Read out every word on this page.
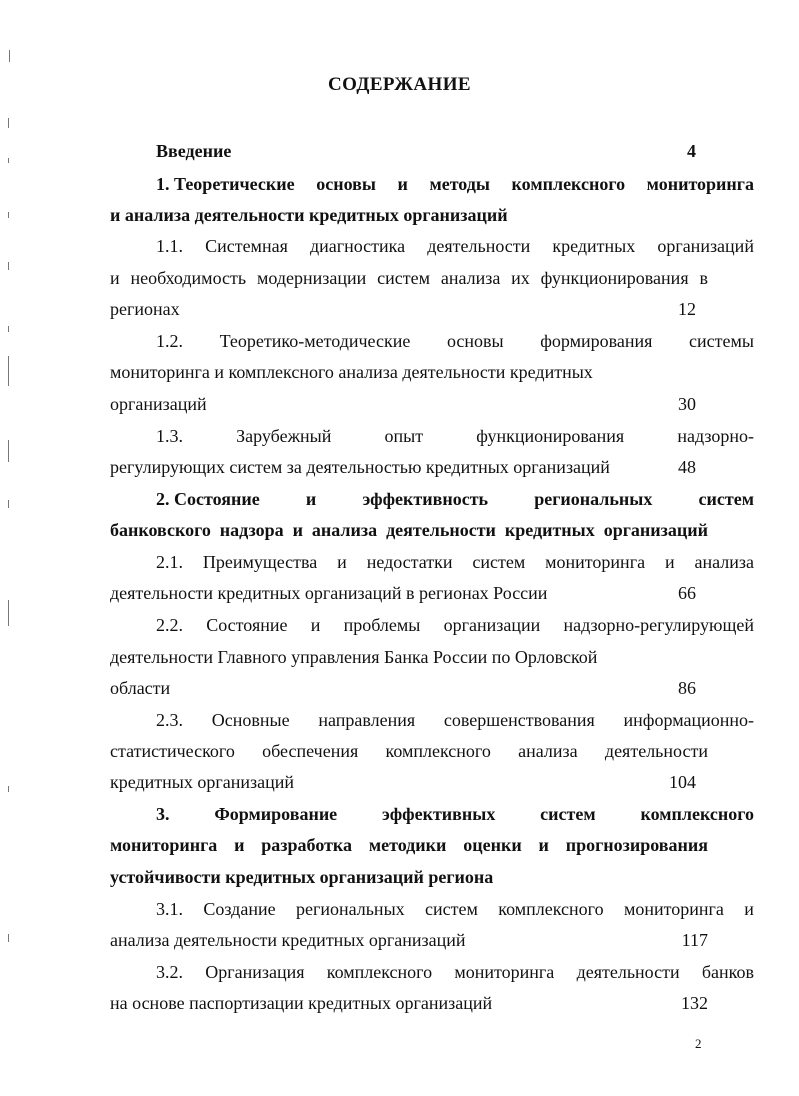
СОДЕРЖАНИЕ
Введение	4
1. Теоретические основы и методы комплексного мониторинга
и анализа деятельности кредитных организаций
1.1. Системная диагностика деятельности кредитных организаций
и необходимость модернизации систем анализа их функционирования в
регионах	12
1.2. Теоретико-методические основы формирования системы
мониторинга и комплексного анализа деятельности кредитных
организаций	30
1.3.	Зарубежный	опыт	функционирования	надзорно-
регулирующих систем за деятельностью кредитных организаций	48
2. Состояние	и	эффективность	региональных	систем
банковского надзора и анализа деятельности кредитных организаций
2.1. Преимущества и недостатки систем мониторинга и анализа
деятельности кредитных организаций в регионах России	66
2.2. Состояние и проблемы организации надзорно-регулирующей
деятельности Главного управления Банка России по Орловской
области	86
2.3. Основные направления совершенствования информационно-
статистического обеспечения комплексного анализа деятельности
кредитных организаций	104
3. Формирование эффективных систем комплексного
мониторинга и разработка методики оценки и прогнозирования
устойчивости кредитных организаций региона
3.1. Создание региональных систем комплексного мониторинга и
анализа деятельности кредитных организаций	117
3.2. Организация комплексного мониторинга деятельности банков
на основе паспортизации кредитных организаций	132
2
